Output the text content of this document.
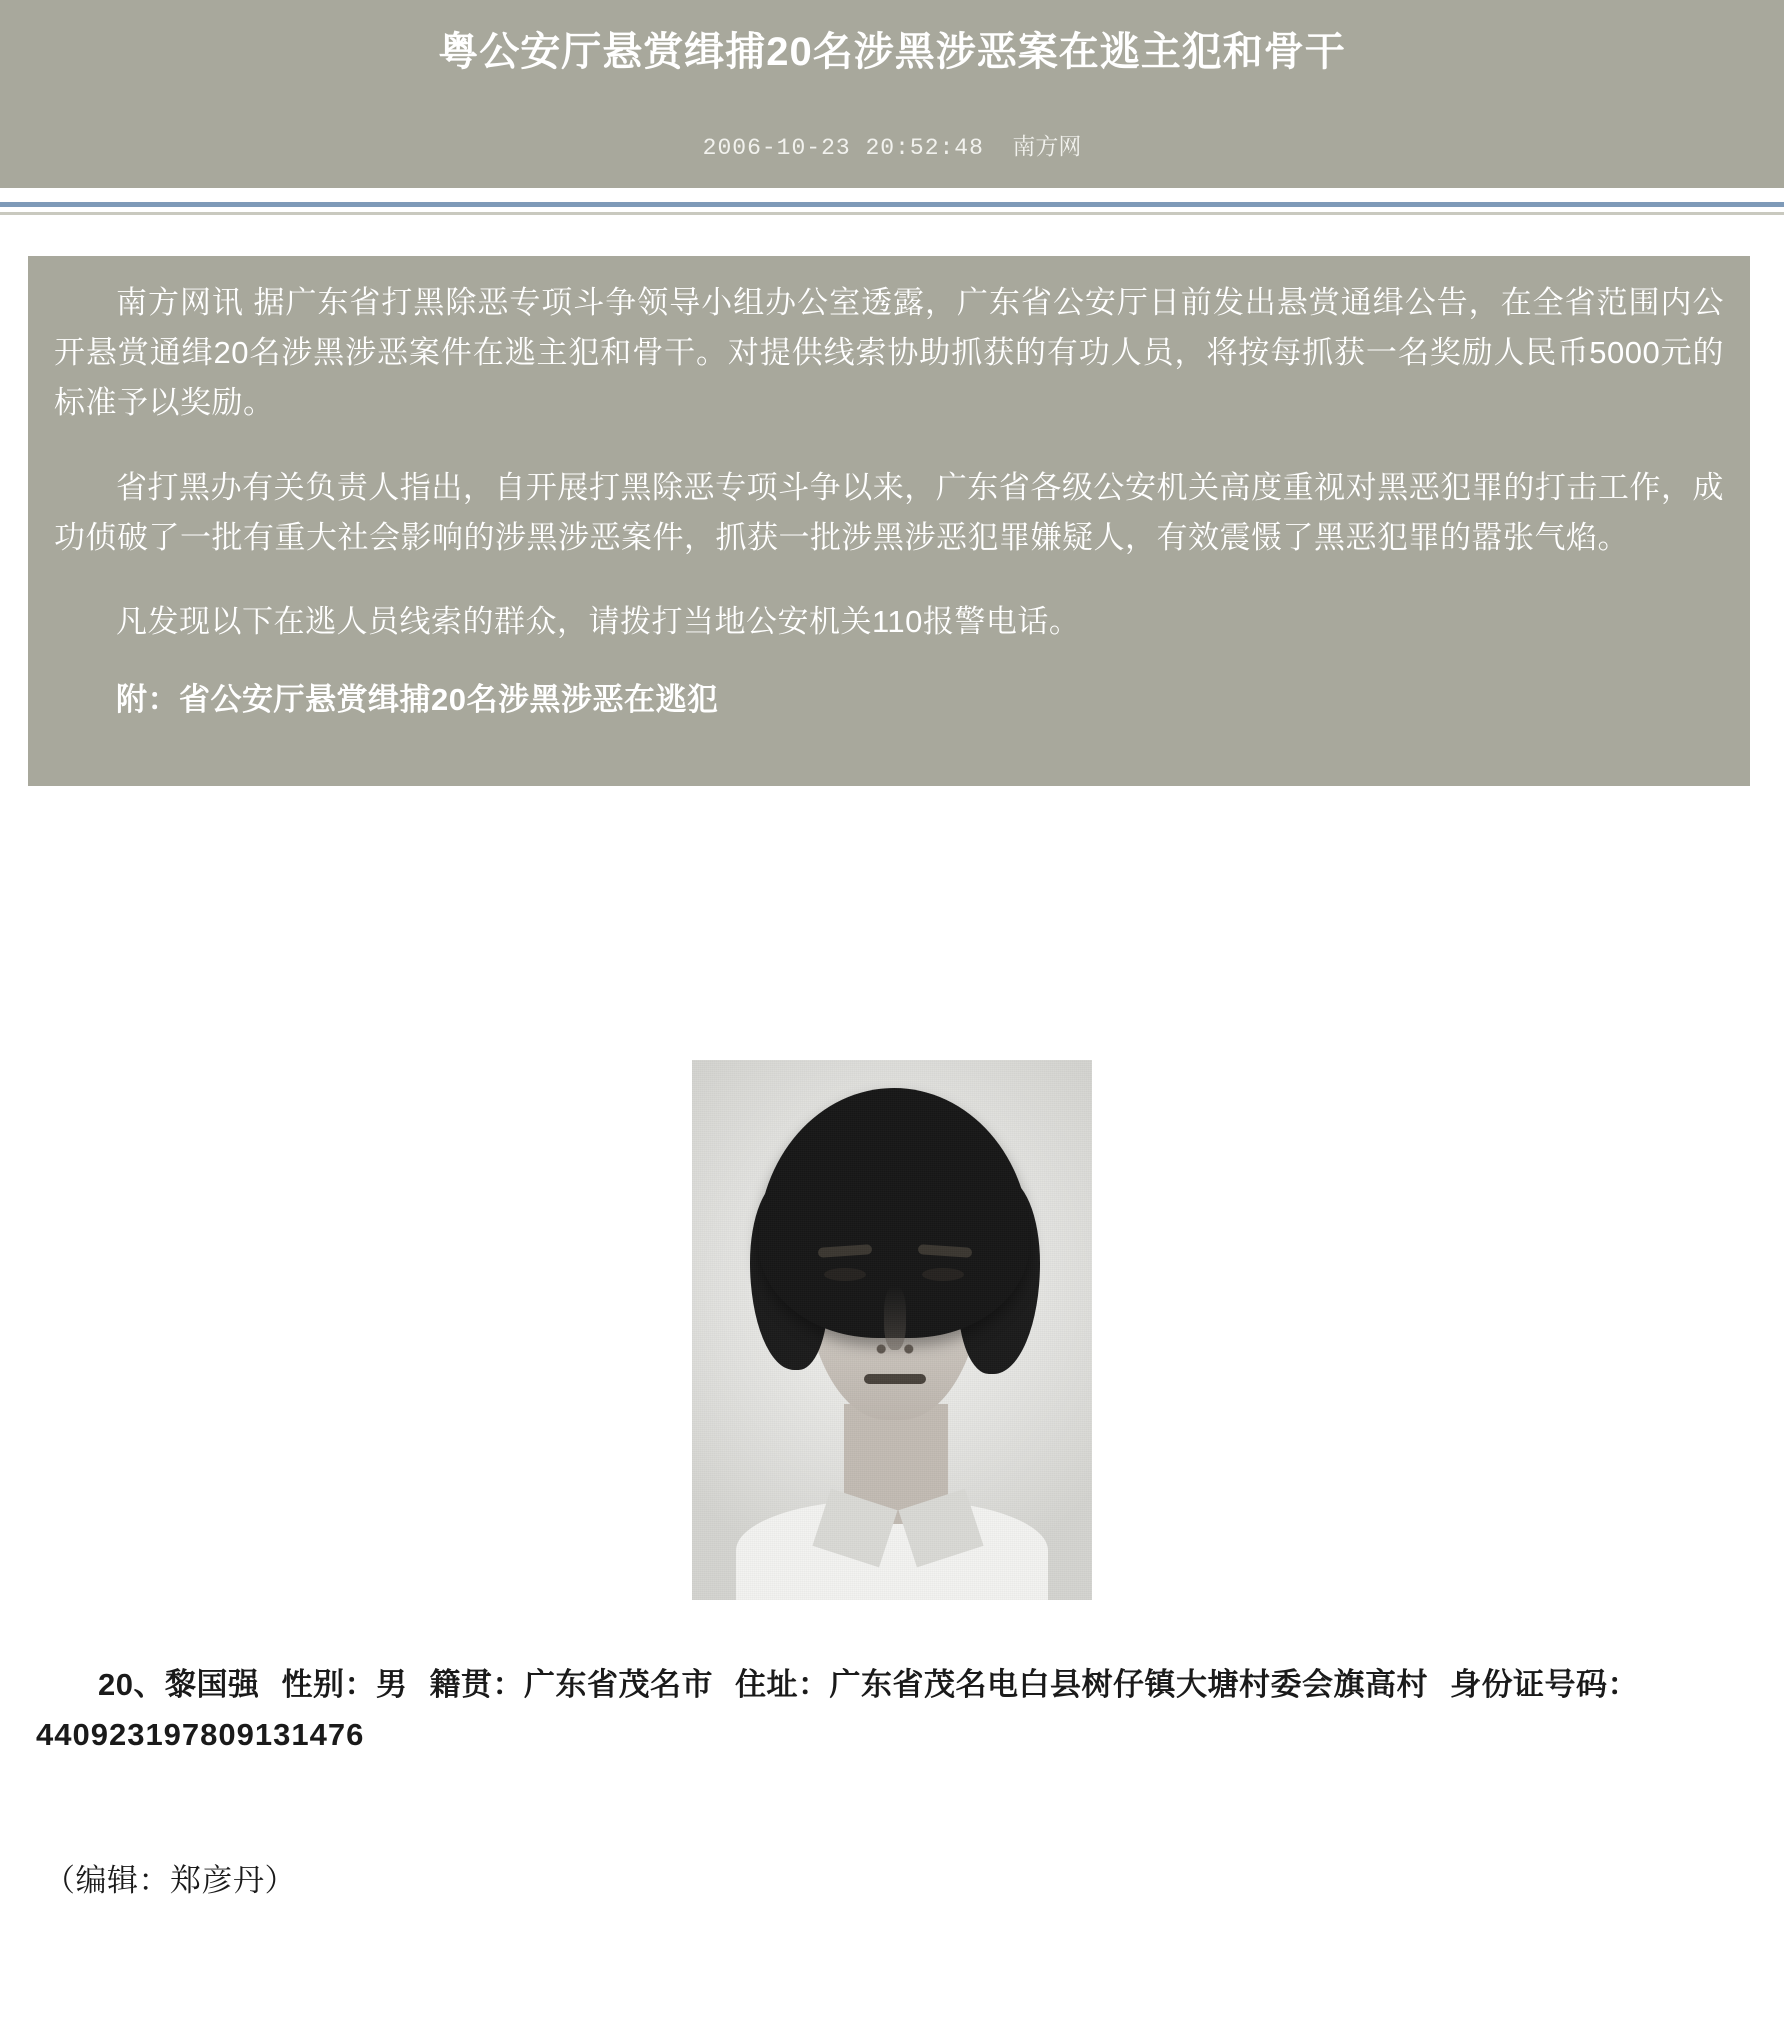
粤公安厅悬赏缉捕20名涉黑涉恶案在逃主犯和骨干
2006-10-23 20:52:48 南方网

南方网讯 据广东省打黑除恶专项斗争领导小组办公室透露，广东省公安厅日前发出悬赏通缉公告，在全省范围内公开悬赏通缉20名涉黑涉恶案件在逃主犯和骨干。对提供线索协助抓获的有功人员，将按每抓获一名奖励人民币5000元的标准予以奖励。

省打黑办有关负责人指出，自开展打黑除恶专项斗争以来，广东省各级公安机关高度重视对黑恶犯罪的打击工作，成功侦破了一批有重大社会影响的涉黑涉恶案件，抓获一批涉黑涉恶犯罪嫌疑人，有效震慑了黑恶犯罪的嚣张气焰。

凡发现以下在逃人员线索的群众，请拨打当地公安机关110报警电话。

附：省公安厅悬赏缉捕20名涉黑涉恶在逃犯

20、黎国强 性别：男 籍贯：广东省茂名市 住址：广东省茂名电白县树仔镇大塘村委会旗高村 身份证号码：440923197809131476

（编辑：郑彦丹）
